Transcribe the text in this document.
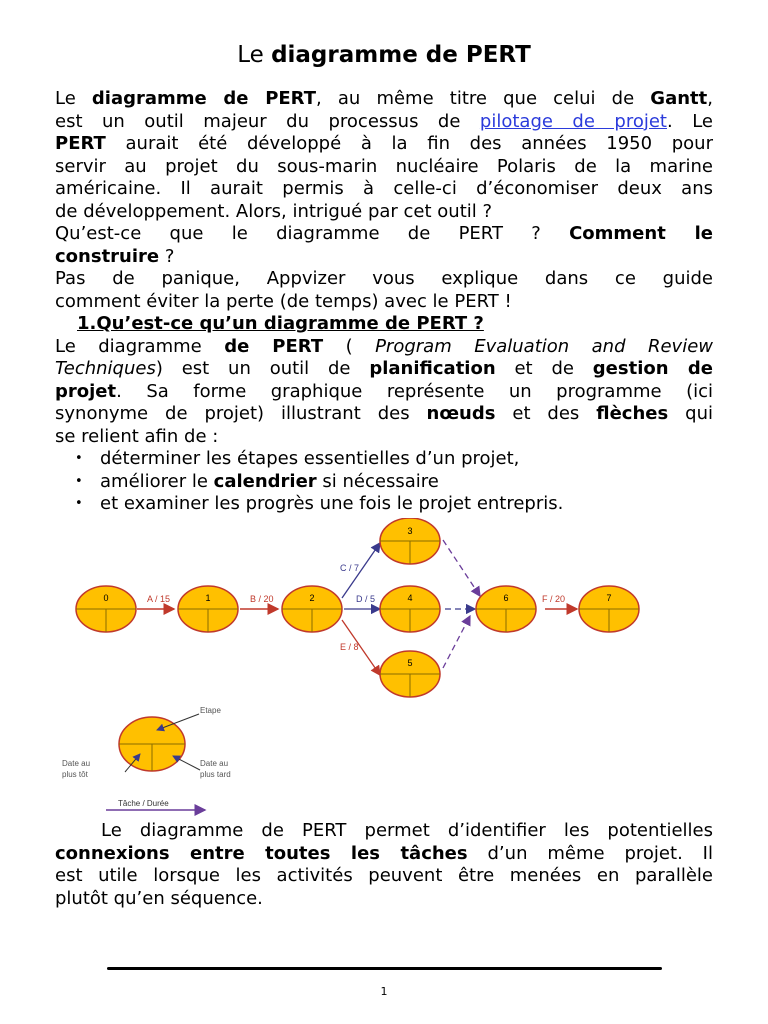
Le diagramme de PERT
Le diagramme de PERT, au même titre que celui de Gantt,
est un outil majeur du processus de pilotage de projet. Le
PERT aurait été développé à la fin des années 1950 pour
servir au projet du sous-marin nucléaire Polaris de la marine
américaine. Il aurait permis à celle-ci d’économiser deux ans
de développement. Alors, intrigué par cet outil ?
Qu’est-ce que le diagramme de PERT ? Comment le
construire ?
Pas de panique, Appvizer vous explique dans ce guide
comment éviter la perte (de temps) avec le PERT !
1.Qu’est-ce qu’un diagramme de PERT ?
Le diagramme de PERT ( Program Evaluation and Review
Techniques) est un outil de planification et de gestion de
projet. Sa forme graphique représente un programme (ici
synonyme de projet) illustrant des nœuds et des flèches qui
se relient afin de :
• déterminer les étapes essentielles d’un projet,
• améliorer le calendrier si nécessaire
• et examiner les progrès une fois le projet entrepris.
A / 15	B / 20
C / 7
D / 5
E / 8
F / 20
0	1	2
3
4
5
6	7
Etape
Date au
plus tôt
Date au
plus tard
Tâche / Durée
Le diagramme de PERT permet d’identifier les potentielles
connexions entre toutes les tâches d’un même projet. Il
est utile lorsque les activités peuvent être menées en parallèle
plutôt qu’en séquence.
1
